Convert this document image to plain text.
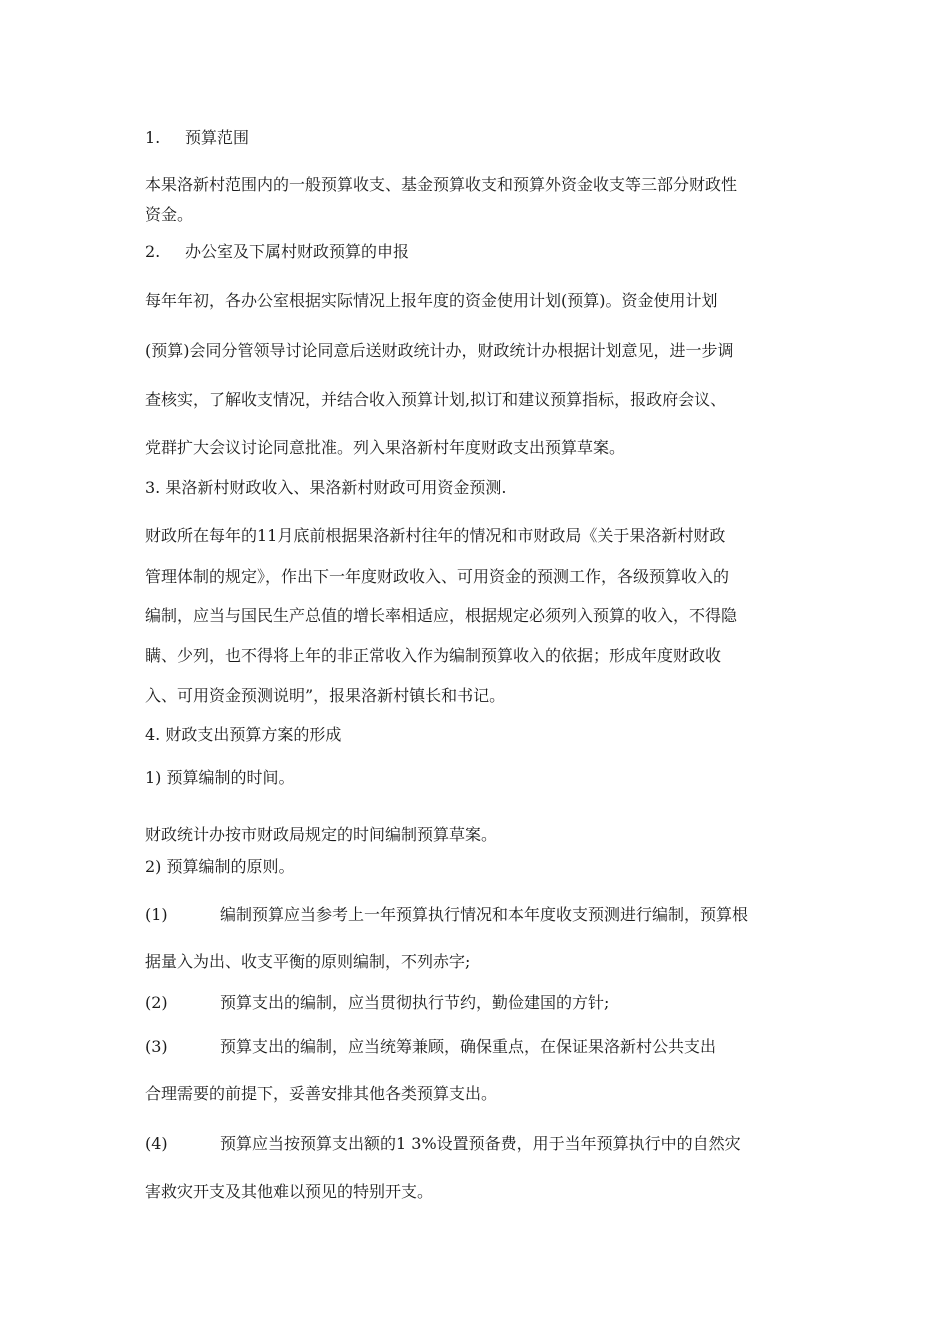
1. 预算范围
本果洛新村范围内的一般预算收支、基金预算收支和预算外资金收支等三部分财政性
资金。
2. 办公室及下属村财政预算的申报
每年年初，各办公室根据实际情况上报年度的资金使用计划(预算)。资金使用计划
(预算)会同分管领导讨论同意后送财政统计办，财政统计办根据计划意见，进一步调
查核实，了解收支情况，并结合收入预算计划,拟订和建议预算指标，报政府会议、
党群扩大会议讨论同意批准。列入果洛新村年度财政支出预算草案。
3. 果洛新村财政收入、果洛新村财政可用资金预测.
财政所在每年的11月底前根据果洛新村往年的情况和市财政局《关于果洛新村财政
管理体制的规定》，作出下一年度财政收入、可用资金的预测工作，各级预算收入的
编制，应当与国民生产总值的增长率相适应，根据规定必须列入预算的收入，不得隐
瞒、少列，也不得将上年的非正常收入作为编制预算收入的依据；形成年度财政收
入、可用资金预测说明”，报果洛新村镇长和书记。
4. 财政支出预算方案的形成
1) 预算编制的时间。
财政统计办按市财政局规定的时间编制预算草案。
2) 预算编制的原则。
(1)	编制预算应当参考上一年预算执行情况和本年度收支预测进行编制，预算根
据量入为出、收支平衡的原则编制，不列赤字;
(2)	预算支出的编制，应当贯彻执行节约，勤俭建国的方针;
(3)	预算支出的编制，应当统筹兼顾，确保重点，在保证果洛新村公共支出
合理需要的前提下，妥善安排其他各类预算支出。
(4)	预算应当按预算支出额的1 3%设置预备费，用于当年预算执行中的自然灾
害救灾开支及其他难以预见的特别开支。
